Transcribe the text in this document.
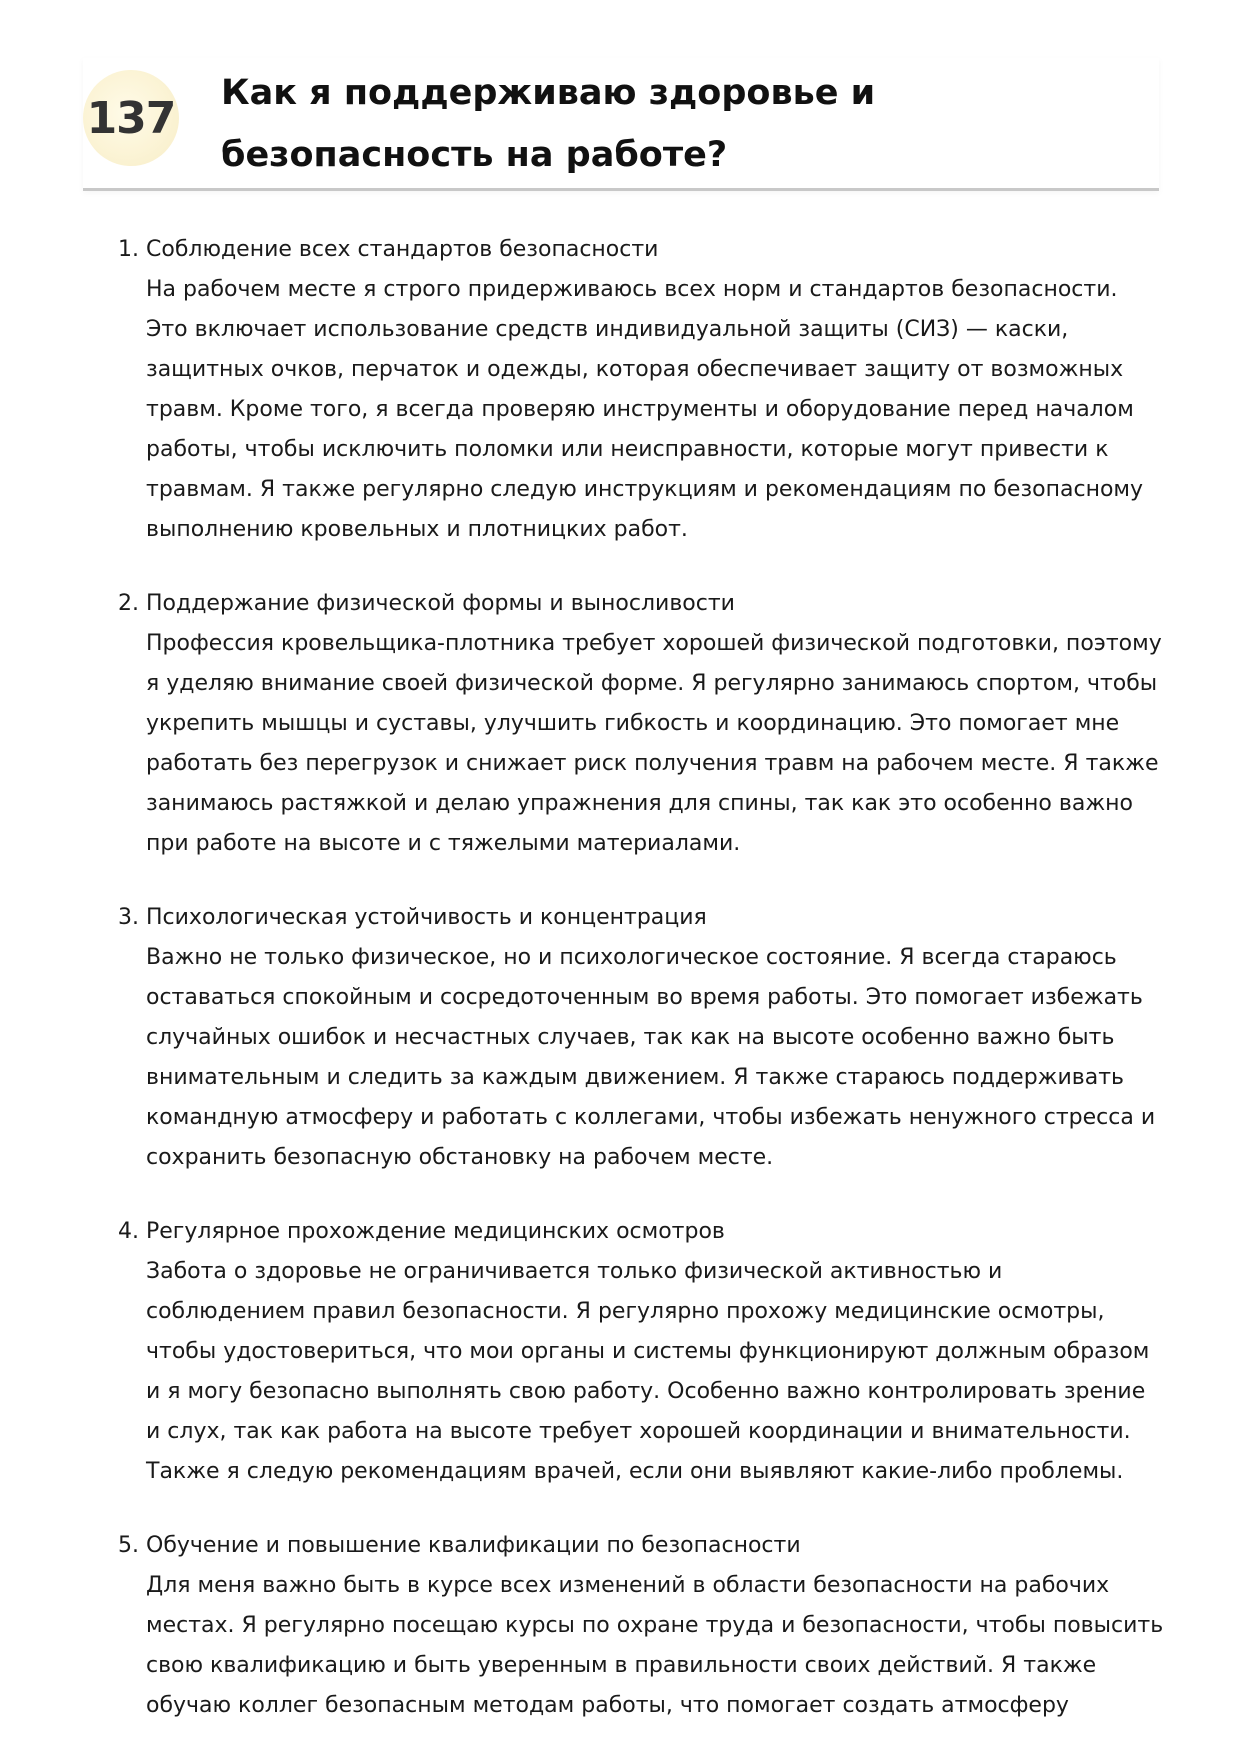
137 Как я поддерживаю здоровье и безопасность на работе?
1. Соблюдение всех стандартов безопасности

На рабочем месте я строго придерживаюсь всех норм и стандартов безопасности. Это включает использование средств индивидуальной защиты (СИЗ) — каски, защитных очков, перчаток и одежды, которая обеспечивает защиту от возможных травм. Кроме того, я всегда проверяю инструменты и оборудование перед началом работы, чтобы исключить поломки или неисправности, которые могут привести к травмам. Я также регулярно следую инструкциям и рекомендациям по безопасному выполнению кровельных и плотницких работ.

2. Поддержание физической формы и выносливости

Профессия кровельщика-плотника требует хорошей физической подготовки, поэтому я уделяю внимание своей физической форме. Я регулярно занимаюсь спортом, чтобы укрепить мышцы и суставы, улучшить гибкость и координацию. Это помогает мне работать без перегрузок и снижает риск получения травм на рабочем месте. Я также занимаюсь растяжкой и делаю упражнения для спины, так как это особенно важно при работе на высоте и с тяжелыми материалами.

3. Психологическая устойчивость и концентрация

Важно не только физическое, но и психологическое состояние. Я всегда стараюсь оставаться спокойным и сосредоточенным во время работы. Это помогает избежать случайных ошибок и несчастных случаев, так как на высоте особенно важно быть внимательным и следить за каждым движением. Я также стараюсь поддерживать командную атмосферу и работать с коллегами, чтобы избежать ненужного стресса и сохранить безопасную обстановку на рабочем месте.

4. Регулярное прохождение медицинских осмотров

Забота о здоровье не ограничивается только физической активностью и соблюдением правил безопасности. Я регулярно прохожу медицинские осмотры, чтобы удостовериться, что мои органы и системы функционируют должным образом и я могу безопасно выполнять свою работу. Особенно важно контролировать зрение и слух, так как работа на высоте требует хорошей координации и внимательности. Также я следую рекомендациям врачей, если они выявляют какие-либо проблемы.

5. Обучение и повышение квалификации по безопасности

Для меня важно быть в курсе всех изменений в области безопасности на рабочих местах. Я регулярно посещаю курсы по охране труда и безопасности, чтобы повысить свою квалификацию и быть уверенным в правильности своих действий. Я также обучаю коллег безопасным методам работы, что помогает создать атмосферу
